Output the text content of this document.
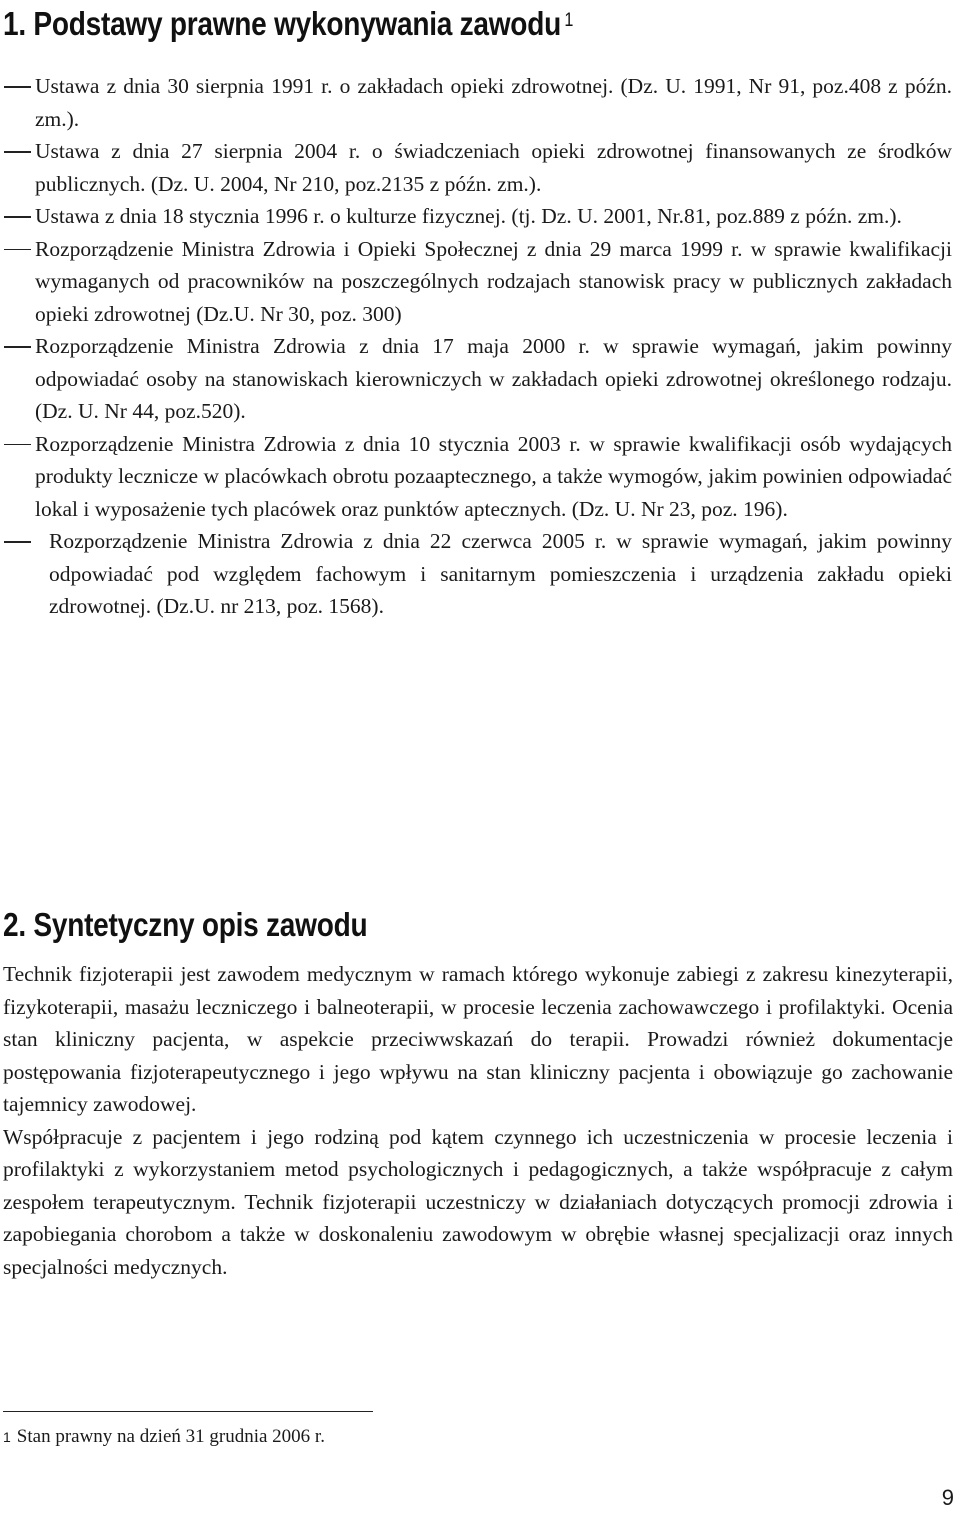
1. Podstawy prawne wykonywania zawodu $^1$
Ustawa z dnia 30 sierpnia 1991 r. o zakładach opieki zdrowotnej. (Dz. U. 1991, Nr 91, poz.408 z późn. zm.).
Ustawa z dnia 27 sierpnia 2004 r. o świadczeniach opieki zdrowotnej finansowanych ze środków publicznych. (Dz. U. 2004, Nr 210, poz.2135 z późn. zm.).
Ustawa z dnia 18 stycznia 1996 r. o kulturze fizycznej. (tj. Dz. U. 2001, Nr.81, poz.889 z późn. zm.).
Rozporządzenie Ministra Zdrowia i Opieki Społecznej z dnia 29 marca 1999 r. w sprawie kwalifikacji wymaganych od pracowników na poszczególnych rodzajach stanowisk pracy w publicznych zakładach opieki zdrowotnej (Dz.U. Nr 30, poz. 300)
Rozporządzenie Ministra Zdrowia z dnia 17 maja 2000 r. w sprawie wymagań, jakim powinny odpowiadać osoby na stanowiskach kierowniczych w zakładach opieki zdrowotnej określonego rodzaju. (Dz. U. Nr 44, poz.520).
Rozporządzenie Ministra Zdrowia z dnia 10 stycznia 2003 r. w sprawie kwalifikacji osób wydających produkty lecznicze w placówkach obrotu pozaaptecznego, a także wymogów, jakim powinien odpowiadać lokal i wyposażenie tych placówek oraz punktów aptecznych. (Dz. U. Nr 23, poz. 196).
Rozporządzenie Ministra Zdrowia z dnia 22 czerwca 2005 r. w sprawie wymagań, jakim powinny odpowiadać pod względem fachowym i sanitarnym pomieszczenia i urządzenia zakładu opieki zdrowotnej. (Dz.U. nr 213, poz. 1568).
2. Syntetyczny opis zawodu

Technik fizjoterapii jest zawodem medycznym w ramach którego wykonuje zabiegi z zakresu kinezyterapii, fizykoterapii, masażu leczniczego i balneoterapii, w procesie leczenia zachowawczego i profilaktyki. Ocenia stan kliniczny pacjenta, w aspekcie przeciwwskazań do terapii. Prowadzi również dokumentacje postępowania fizjoterapeutycznego i jego wpływu na stan kliniczny pacjenta i obowiązuje go zachowanie tajemnicy zawodowej.

Współpracuje z pacjentem i jego rodziną pod kątem czynnego ich uczestniczenia w procesie leczenia i profilaktyki z wykorzystaniem metod psychologicznych i pedagogicznych, a także współpracuje z całym zespołem terapeutycznym. Technik fizjoterapii uczestniczy w działaniach dotyczących promocji zdrowia i zapobiegania chorobom a także w doskonaleniu zawodowym w obrębie własnej specjalizacji oraz innych specjalności medycznych.

$^1$ Stan prawny na dzień 31 grudnia 2006 r.
9
